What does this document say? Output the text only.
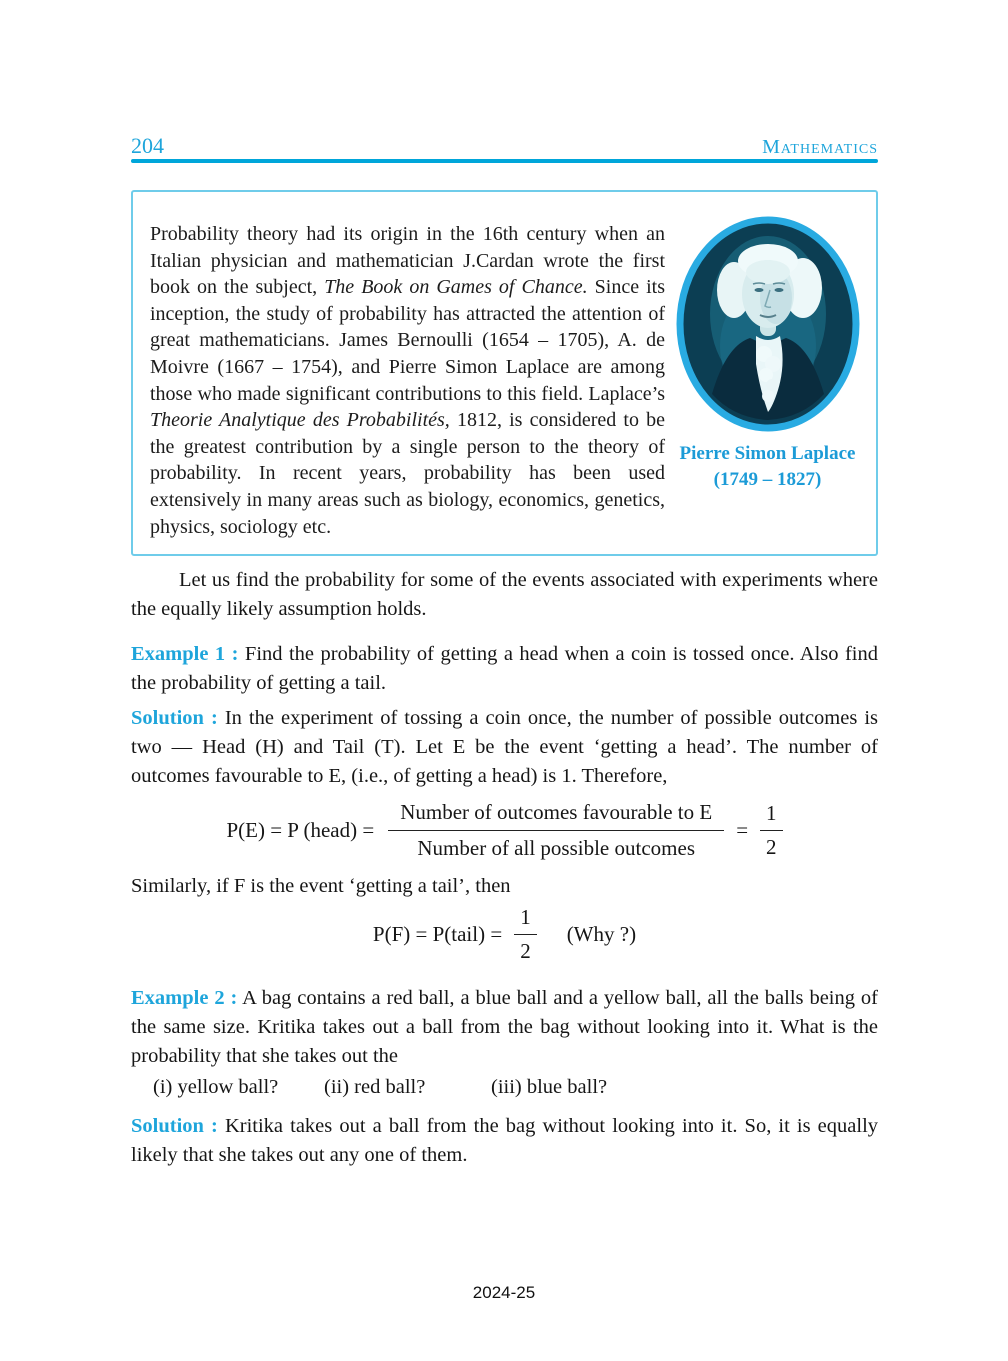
204	Mathematics

Probability theory had its origin in the 16th century when an Italian physician and mathematician J.Cardan wrote the first book on the subject, The Book on Games of Chance. Since its inception, the study of probability has attracted the attention of great mathematicians. James Bernoulli (1654 – 1705), A. de Moivre (1667 – 1754), and Pierre Simon Laplace are among those who made significant contributions to this field. Laplace’s Theorie Analytique des Probabilités, 1812, is considered to be the greatest contribution by a single person to the theory of probability. In recent years, probability has been used extensively in many areas such as biology, economics, genetics, physics, sociology etc.

Pierre Simon Laplace
(1749 – 1827)

Let us find the probability for some of the events associated with experiments where the equally likely assumption holds.

Example 1 : Find the probability of getting a head when a coin is tossed once. Also find the probability of getting a tail.

Solution : In the experiment of tossing a coin once, the number of possible outcomes is two — Head (H) and Tail (T). Let E be the event ‘getting a head’. The number of outcomes favourable to E, (i.e., of getting a head) is 1. Therefore,

P(E) = P (head) = $\frac{\text{Number of outcomes favourable to E}}{\text{Number of all possible outcomes}} = \frac{1}{2}$

Similarly, if F is the event ‘getting a tail’, then

P(F) = P(tail) = $\frac{1}{2} (Why$ ?)

Example 2 : A bag contains a red ball, a blue ball and a yellow ball, all the balls being of the same size. Kritika takes out a ball from the bag without looking into it. What is the probability that she takes out the

(i) yellow ball? (ii) red ball?	(iii) blue ball?

Solution : Kritika takes out a ball from the bag without looking into it. So, it is equally likely that she takes out any one of them.

2024-25
